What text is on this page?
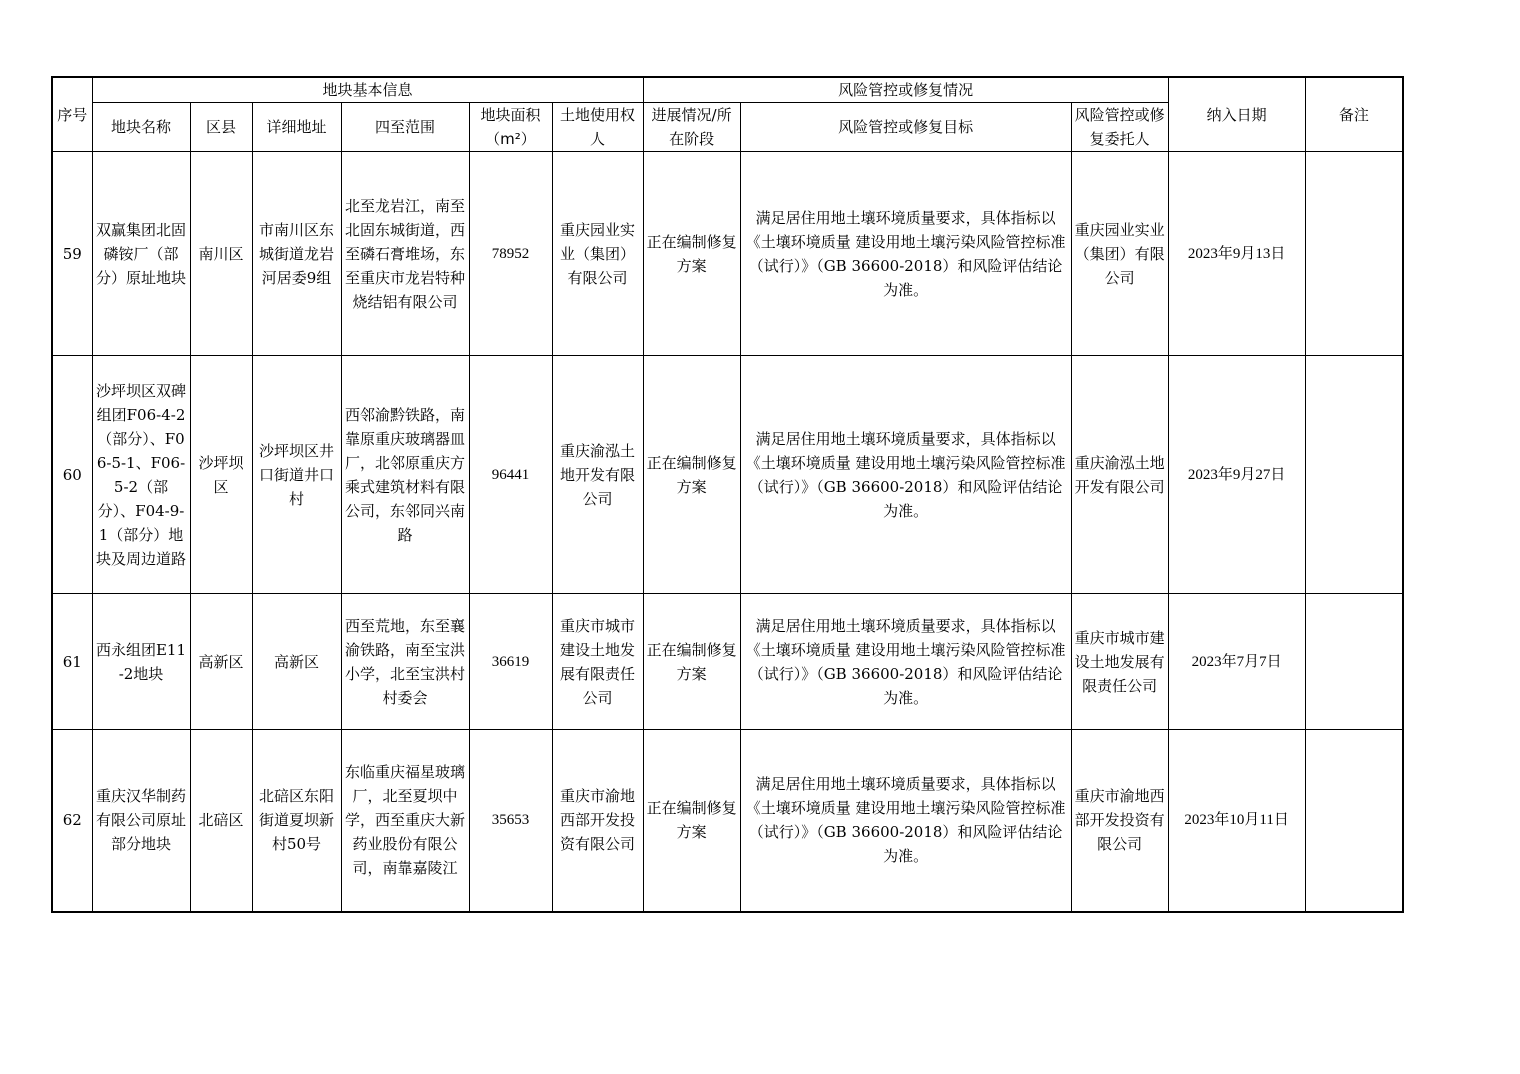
序号	地块基本信息						风险管控或修复情况			纳入日期	备注
	地块名称	区县	详细地址	四至范围	地块面积（m²）	土地使用权人	进展情况/所在阶段	风险管控或修复目标	风险管控或修复委托人		
59	双赢集团北固磷铵厂（部分）原址地块	南川区	市南川区东城街道龙岩河居委9组	北至龙岩江，南至北固东城街道，西至磷石膏堆场，东至重庆市龙岩特种烧结铝有限公司	78952	重庆园业实业（集团）有限公司	正在编制修复方案	满足居住用地土壤环境质量要求，具体指标以《土壤环境质量 建设用地土壤污染风险管控标准（试行）》（GB 36600-2018）和风险评估结论为准。	重庆园业实业（集团）有限公司	2023年9月13日	
60	沙坪坝区双碑组团F06-4-2（部分）、F06-5-1、F06-5-2（部分）、F04-9-1（部分）地块及周边道路	沙坪坝区	沙坪坝区井口街道井口村	西邻渝黔铁路，南靠原重庆玻璃器皿厂，北邻原重庆方乘式建筑材料有限公司，东邻同兴南路	96441	重庆渝泓土地开发有限公司	正在编制修复方案	满足居住用地土壤环境质量要求，具体指标以《土壤环境质量 建设用地土壤污染风险管控标准（试行）》（GB 36600-2018）和风险评估结论为准。	重庆渝泓土地开发有限公司	2023年9月27日	
61	西永组团E11-2地块	高新区	高新区	西至荒地，东至襄渝铁路，南至宝洪小学，北至宝洪村村委会	36619	重庆市城市建设土地发展有限责任公司	正在编制修复方案	满足居住用地土壤环境质量要求，具体指标以《土壤环境质量 建设用地土壤污染风险管控标准（试行）》（GB 36600-2018）和风险评估结论为准。	重庆市城市建设土地发展有限责任公司	2023年7月7日	
62	重庆汉华制药有限公司原址部分地块	北碚区	北碚区东阳街道夏坝新村50号	东临重庆福星玻璃厂，北至夏坝中学，西至重庆大新药业股份有限公司，南靠嘉陵江	35653	重庆市渝地西部开发投资有限公司	正在编制修复方案	满足居住用地土壤环境质量要求，具体指标以《土壤环境质量 建设用地土壤污染风险管控标准（试行）》（GB 36600-2018）和风险评估结论为准。	重庆市渝地西部开发投资有限公司	2023年10月11日	
